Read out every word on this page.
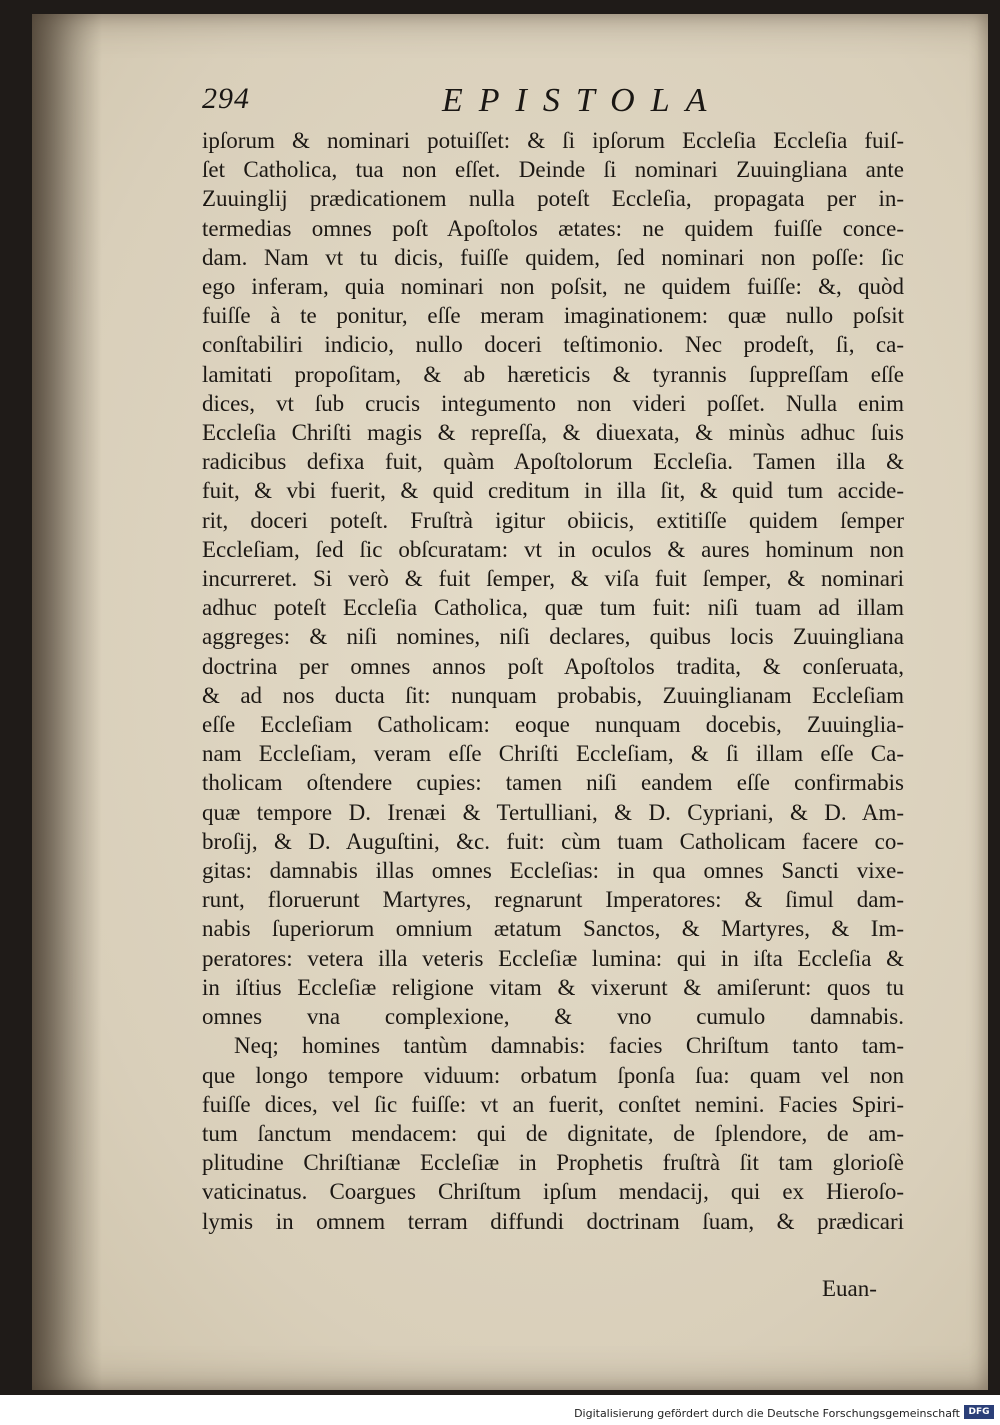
294	EPISTOLA
ipſorum & nominari potuiſſet: & ſi ipſorum Eccleſia Eccleſia fuiſ-
ſet Catholica, tua non eſſet. Deinde ſi nominari Zuuingliana ante
Zuuinglij prædicationem nulla poteſt Eccleſia, propagata per in-
termedias omnes poſt Apoſtolos ætates: ne quidem fuiſſe conce-
dam. Nam vt tu dicis, fuiſſe quidem, ſed nominari non poſſe: ſic
ego inferam, quia nominari non poſsit, ne quidem fuiſſe: &, quòd
fuiſſe à te ponitur, eſſe meram imaginationem: quæ nullo poſsit
conſtabiliri indicio, nullo doceri teſtimonio. Nec prodeſt, ſi, ca-
lamitati propoſitam, & ab hæreticis & tyrannis ſuppreſſam eſſe
dices, vt ſub crucis integumento non videri poſſet. Nulla enim
Eccleſia Chriſti magis & repreſſa, & diuexata, & minùs adhuc ſuis
radicibus defixa fuit, quàm Apoſtolorum Eccleſia. Tamen illa &
fuit, & vbi fuerit, & quid creditum in illa ſit, & quid tum accide-
rit, doceri poteſt. Fruſtrà igitur obiicis, extitiſſe quidem ſemper
Eccleſiam, ſed ſic obſcuratam: vt in oculos & aures hominum non
incurreret. Si verò & fuit ſemper, & viſa fuit ſemper, & nominari
adhuc poteſt Eccleſia Catholica, quæ tum fuit: niſi tuam ad illam
aggreges: & niſi nomines, niſi declares, quibus locis Zuuingliana
doctrina per omnes annos poſt Apoſtolos tradita, & conſeruata,
& ad nos ducta ſit: nunquam probabis, Zuuinglianam Eccleſiam
eſſe Eccleſiam Catholicam: eoque nunquam docebis, Zuuinglia-
nam Eccleſiam, veram eſſe Chriſti Eccleſiam, & ſi illam eſſe Ca-
tholicam oſtendere cupies: tamen niſi eandem eſſe confirmabis
quæ tempore D. Irenæi & Tertulliani, & D. Cypriani, & D. Am-
broſij, & D. Auguſtini, &c. fuit: cùm tuam Catholicam facere co-
gitas: damnabis illas omnes Eccleſias: in qua omnes Sancti vixe-
runt, floruerunt Martyres, regnarunt Imperatores: & ſimul dam-
nabis ſuperiorum omnium ætatum Sanctos, & Martyres, & Im-
peratores: vetera illa veteris Eccleſiæ lumina: qui in iſta Eccleſia &
in iſtius Eccleſiæ religione vitam & vixerunt & amiſerunt: quos tu
omnes vna complexione, & vno cumulo damnabis.
Neq; homines tantùm damnabis: facies Chriſtum tanto tam-
que longo tempore viduum: orbatum ſponſa ſua: quam vel non
fuiſſe dices, vel ſic fuiſſe: vt an fuerit, conſtet nemini. Facies Spiri-
tum ſanctum mendacem: qui de dignitate, de ſplendore, de am-
plitudine Chriſtianæ Eccleſiæ in Prophetis fruſtrà ſit tam glorioſè
vaticinatus. Coargues Chriſtum ipſum mendacij, qui ex Hieroſo-
lymis in omnem terram diffundi doctrinam ſuam, & prædicari
Euan-
Digitalisierung gefördert durch die Deutsche Forschungsgemeinschaft DFG
